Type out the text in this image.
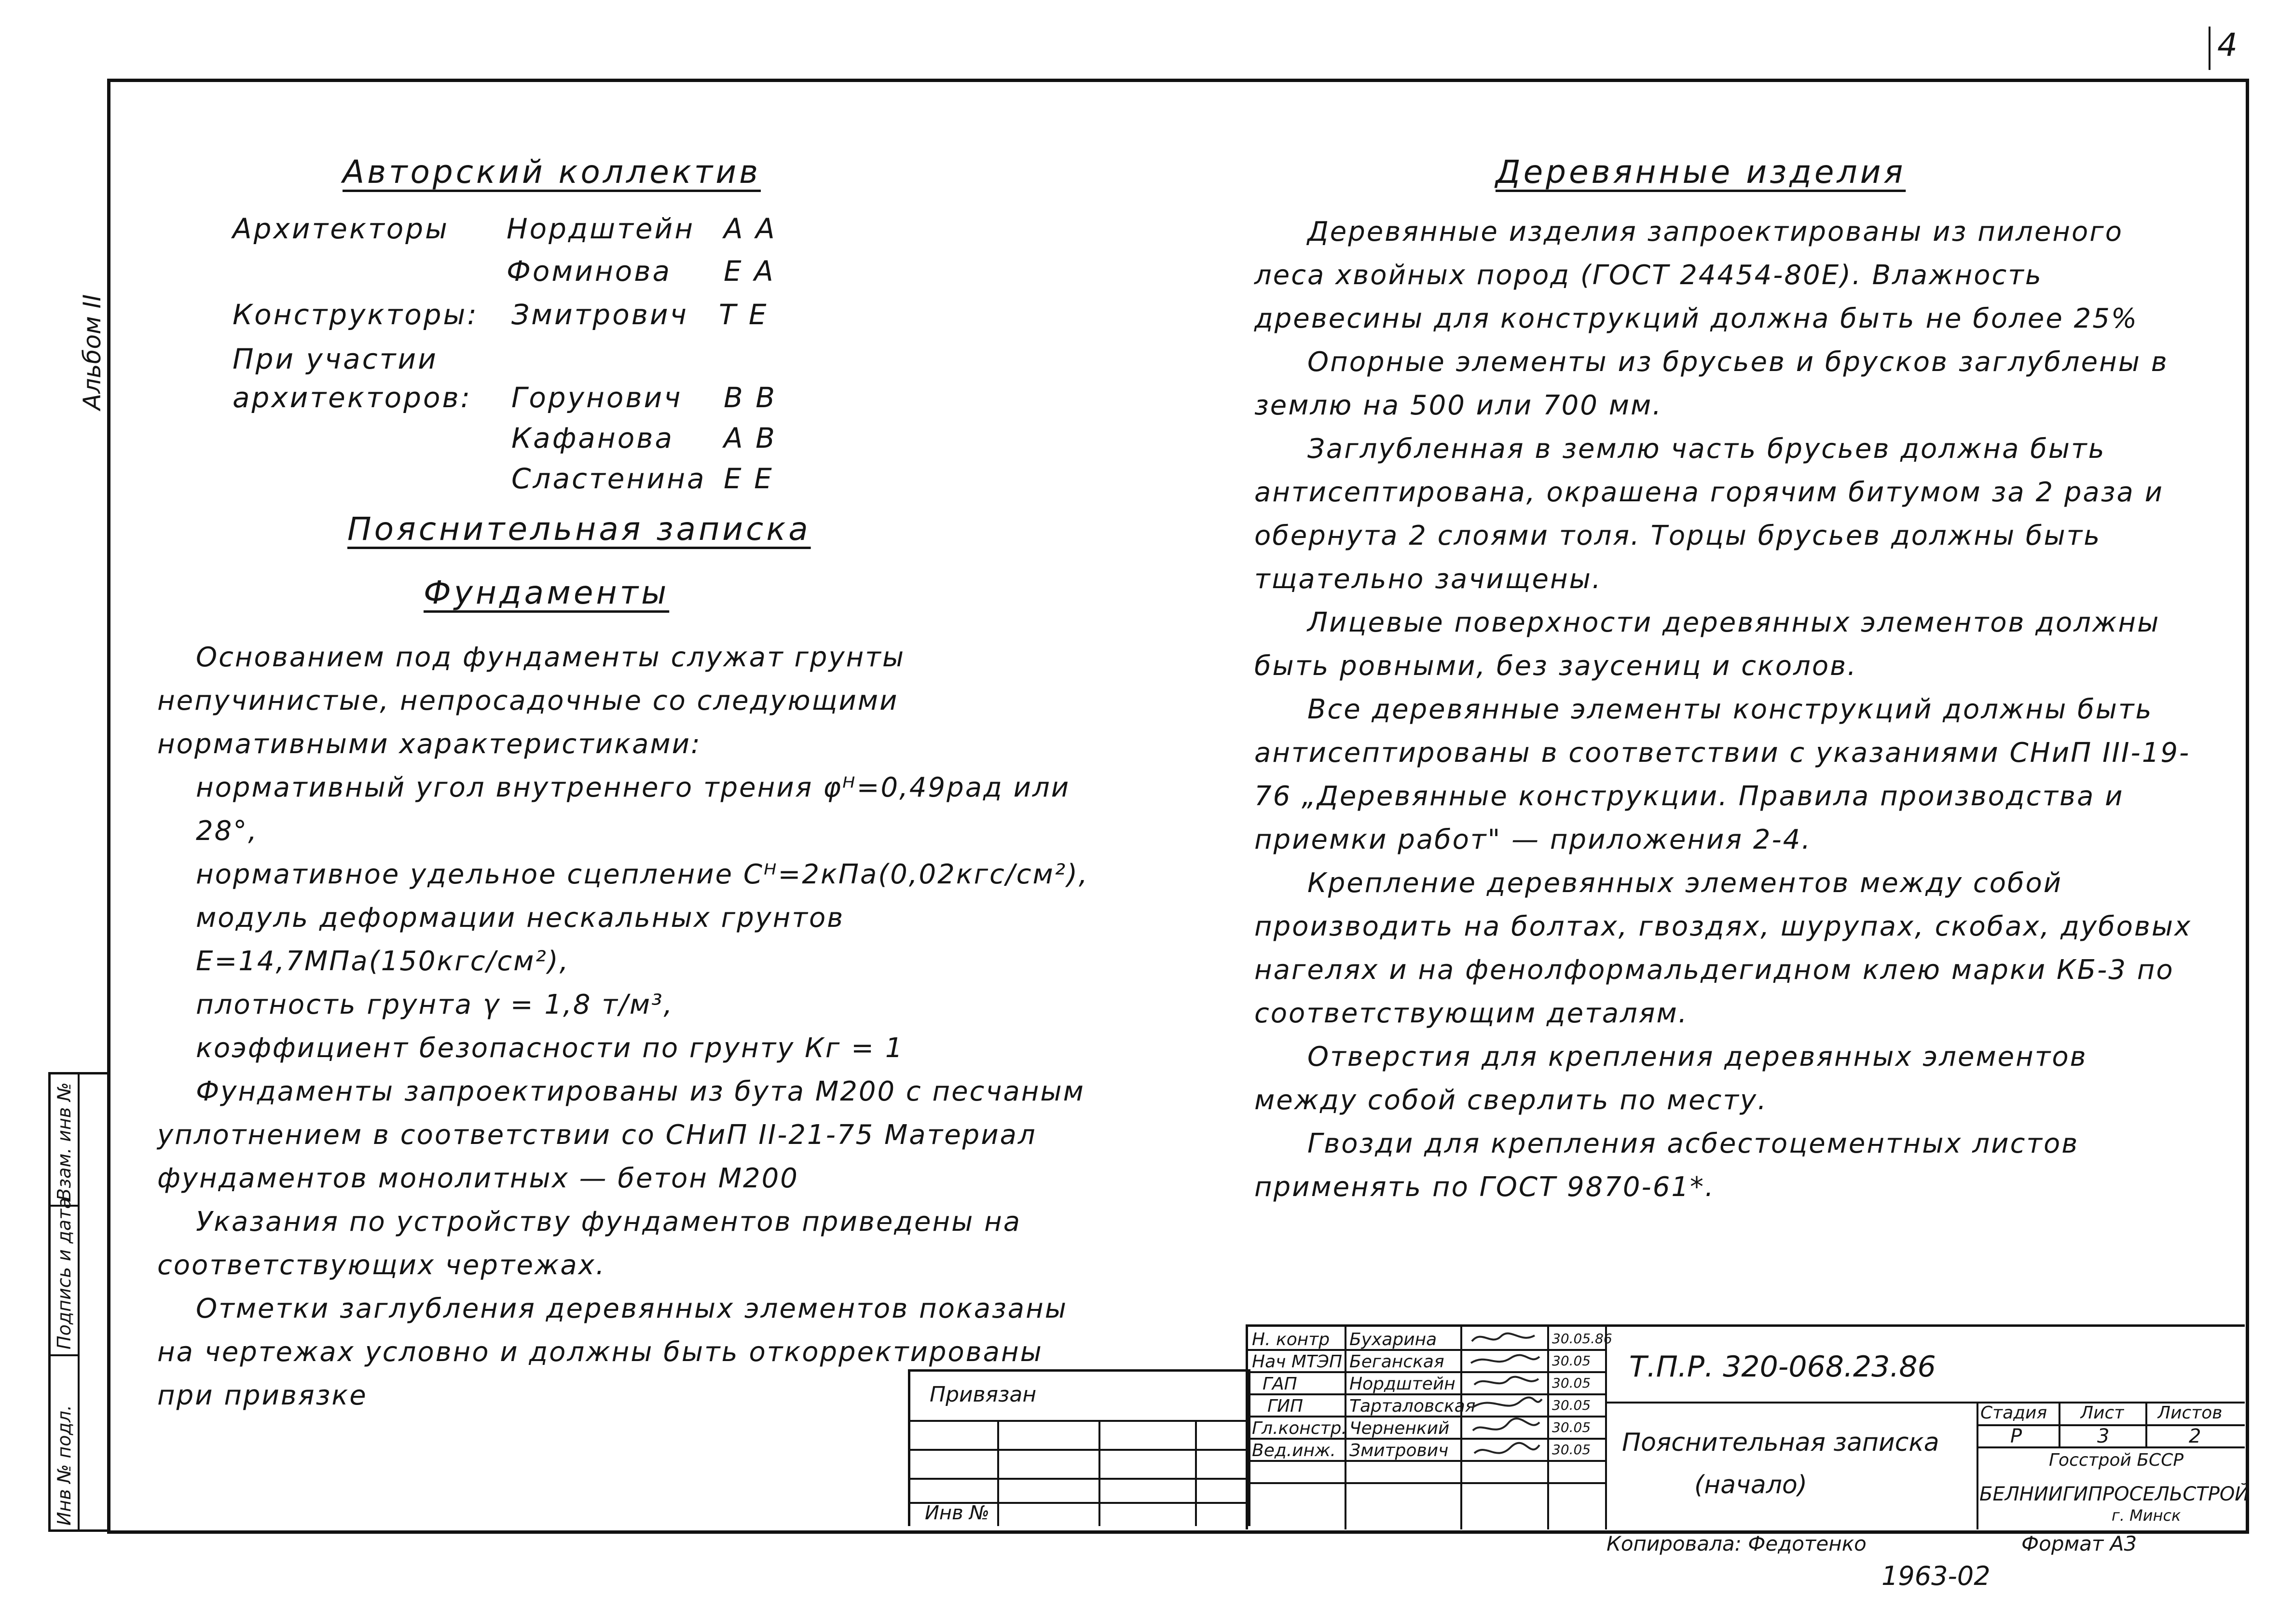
4
Альбом II
Инв № подл.
Подпись и дата
Взам. инв №
Авторский коллектив
Архитекторы Нордштейн А А
Фоминова Е А
Конструкторы: Змитрович Т Е
При участии
архитекторов: Горунович В В
Кафанова А В
Сластенина Е Е
Пояснительная записка
Фундаменты

Основанием под фундаменты служат грунты непучинистые, непросадочные со следующими нормативными характеристиками:

нормативный угол внутреннего трения φᴴ=0,49рад или 28°,

нормативное удельное сцепление Cᴴ=2кПа(0,02кгс/см²),

модуль деформации нескальных грунтов E=14,7МПа(150кгс/см²),

плотность грунта γ = 1,8 т/м³,

коэффициент безопасности по грунту Кг = 1

Фундаменты запроектированы из бута М200 с песчаным уплотнением в соответствии со СНиП II-21-75 Материал фундаментов монолитных — бетон М200

Указания по устройству фундаментов приведены на соответствующих чертежах.

Отметки заглубления деревянных элементов показаны на чертежах условно и должны быть откорректированы при привязке

Деревянные изделия

Деревянные изделия запроектированы из пиленого леса хвойных пород (ГОСТ 24454-80Е). Влажность древесины для конструкций должна быть не более 25%

Опорные элементы из брусьев и брусков заглублены в землю на 500 или 700 мм.

Заглубленная в землю часть брусьев должна быть антисептирована, окрашена горячим битумом за 2 раза и обернута 2 слоями толя. Торцы брусьев должны быть тщательно зачищены.

Лицевые поверхности деревянных элементов должны быть ровными, без заусениц и сколов.

Все деревянные элементы конструкций должны быть антисептированы в соответствии с указаниями СНиП III-19-76 „Деревянные конструкции. Правила производства и приемки работ" — приложения 2-4.

Крепление деревянных элементов между собой производить на болтах, гвоздях, шурупах, скобах, дубовых нагелях и на фенолформальдегидном клею марки КБ-3 по соответствующим деталям.

Отверстия для крепления деревянных элементов между собой сверлить по месту.

Гвозди для крепления асбестоцементных листов применять по ГОСТ 9870-61*.

Привязан
Инв №
Н. контр Бухарина	30.05.86
Нач МТЭП Беганская	30.05
ГАП	Нордштейн	30.05
ГИП	Тарталовская	30.05
Гл.констр. Черненкий	30.05
Вед.инж. Змитрович	30.05
Т.П.Р. 320-068.23.86
Пояснительная записка
(начало)
Стадия Лист Листов
Р	3	2
Госстрой БССР
БЕЛНИИГИПРОСЕЛЬСТРОЙ
г. Минск
Копировала: Федотенко	Формат А3
1963-02
